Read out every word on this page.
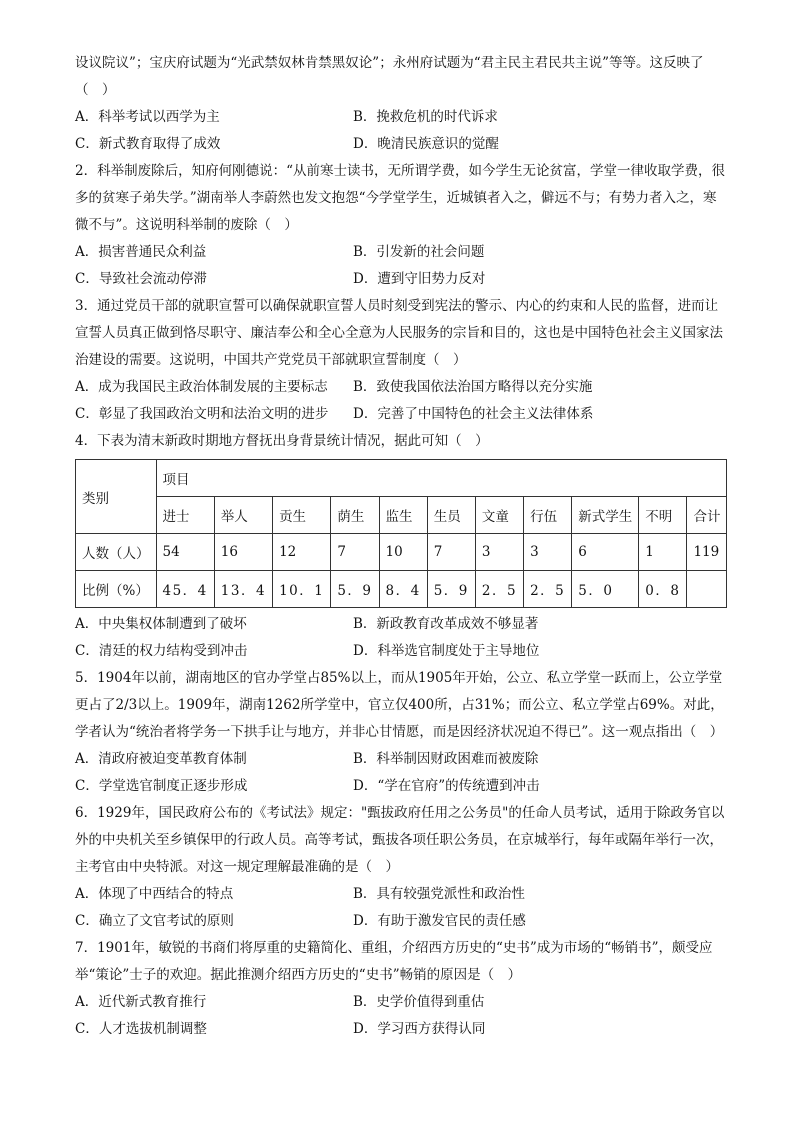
设议院议”；宝庆府试题为“光武禁奴林肯禁黑奴论”；永州府试题为“君主民主君民共主说”等等。这反映了（　）

A．科举考试以西学为主	B．挽救危机的时代诉求
C．新式教育取得了成效	D．晚清民族意识的觉醒

2．科举制废除后，知府何刚德说：“从前寒士读书，无所谓学费，如今学生无论贫富，学堂一律收取学费，很多的贫寒子弟失学。”湖南举人李蔚然也发文抱怨“今学堂学生，近城镇者入之，僻远不与；有势力者入之，寒微不与”。这说明科举制的废除（　）

A．损害普通民众利益	B．引发新的社会问题
C．导致社会流动停滞	D．遭到守旧势力反对

3．通过党员干部的就职宣誓可以确保就职宣誓人员时刻受到宪法的警示、内心的约束和人民的监督，进而让宣誓人员真正做到恪尽职守、廉洁奉公和全心全意为人民服务的宗旨和目的，这也是中国特色社会主义国家法治建设的需要。这说明，中国共产党党员干部就职宣誓制度（　）

A．成为我国民主政治体制发展的主要标志	B．致使我国依法治国方略得以充分实施
C．彰显了我国政治文明和法治文明的进步	D．完善了中国特色的社会主义法律体系

4．下表为清末新政时期地方督抚出身背景统计情况，据此可知（　）

类别	项目										
	进士	举人	贡生	荫生	监生	生员	文童	行伍	新式学生	不明	合计
人数（人）	54	16	12	7	10	7	3	3	6	1	119
比例（%）	45．4	13．4	10．1	5．9	8．4	5．9	2．5	2．5	5．0	0．8	
A．中央集权体制遭到了破坏	B．新政教育改革成效不够显著
C．清廷的权力结构受到冲击	D．科举选官制度处于主导地位

5．1904年以前，湖南地区的官办学堂占85%以上，而从1905年开始，公立、私立学堂一跃而上，公立学堂更占了2/3以上。1909年，湖南1262所学堂中，官立仅400所，占31%；而公立、私立学堂占69%。对此，学者认为“统治者将学务一下拱手让与地方，并非心甘情愿，而是因经济状况迫不得已”。这一观点指出（　）

A．清政府被迫变革教育体制	B．科举制因财政困难而被废除
C．学堂选官制度正逐步形成	D．“学在官府”的传统遭到冲击

6．1929年，国民政府公布的《考试法》规定："甄拔政府任用之公务员"的任命人员考试，适用于除政务官以外的中央机关至乡镇保甲的行政人员。高等考试，甄拔各项任职公务员，在京城举行，每年或隔年举行一次，主考官由中央特派。对这一规定理解最准确的是（　）

A．体现了中西结合的特点	B．具有较强党派性和政治性
C．确立了文官考试的原则	D．有助于激发官民的责任感

7．1901年，敏锐的书商们将厚重的史籍简化、重组，介绍西方历史的“史书”成为市场的“畅销书”，颇受应举“策论”士子的欢迎。据此推测介绍西方历史的“史书”畅销的原因是（　）

A．近代新式教育推行	B．史学价值得到重估
C．人才选拔机制调整	D．学习西方获得认同
